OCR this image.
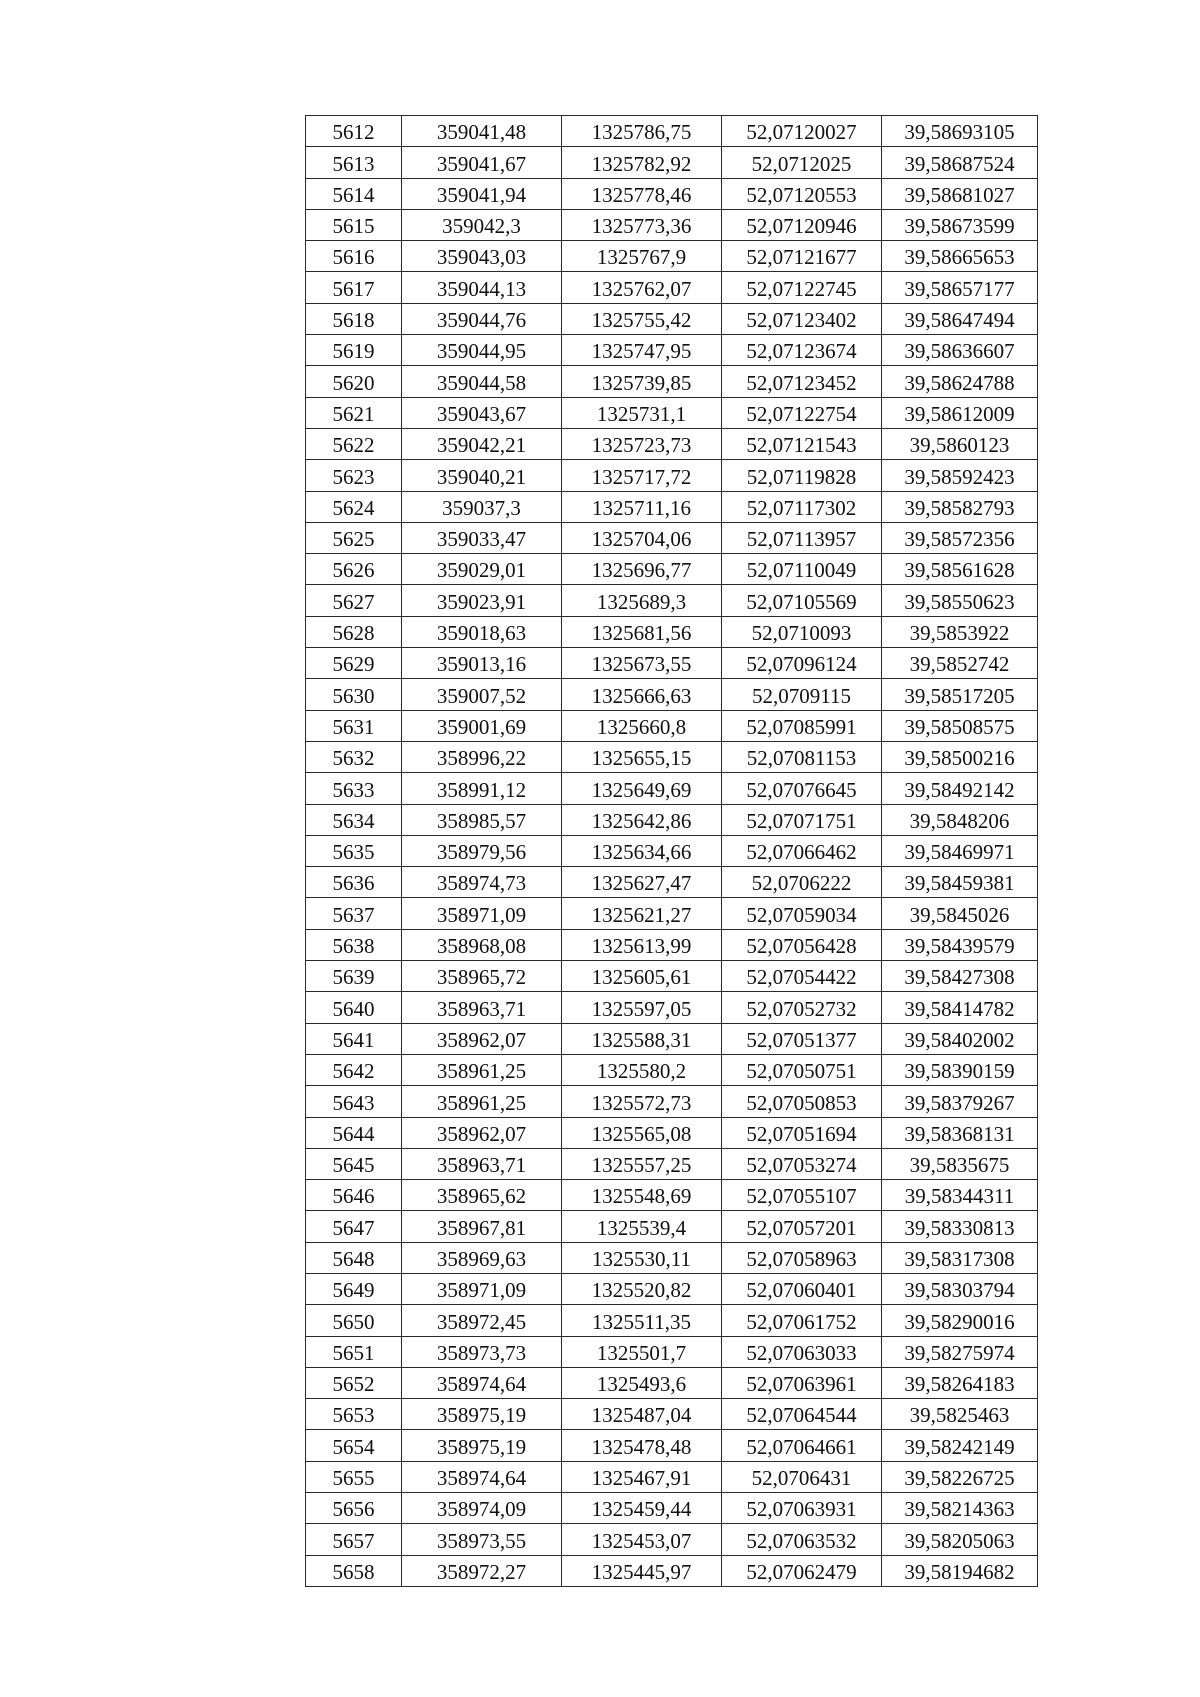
5612	359041,48	1325786,75	52,07120027	39,58693105
5613	359041,67	1325782,92	52,0712025	39,58687524
5614	359041,94	1325778,46	52,07120553	39,58681027
5615	359042,3	1325773,36	52,07120946	39,58673599
5616	359043,03	1325767,9	52,07121677	39,58665653
5617	359044,13	1325762,07	52,07122745	39,58657177
5618	359044,76	1325755,42	52,07123402	39,58647494
5619	359044,95	1325747,95	52,07123674	39,58636607
5620	359044,58	1325739,85	52,07123452	39,58624788
5621	359043,67	1325731,1	52,07122754	39,58612009
5622	359042,21	1325723,73	52,07121543	39,5860123
5623	359040,21	1325717,72	52,07119828	39,58592423
5624	359037,3	1325711,16	52,07117302	39,58582793
5625	359033,47	1325704,06	52,07113957	39,58572356
5626	359029,01	1325696,77	52,07110049	39,58561628
5627	359023,91	1325689,3	52,07105569	39,58550623
5628	359018,63	1325681,56	52,0710093	39,5853922
5629	359013,16	1325673,55	52,07096124	39,5852742
5630	359007,52	1325666,63	52,0709115	39,58517205
5631	359001,69	1325660,8	52,07085991	39,58508575
5632	358996,22	1325655,15	52,07081153	39,58500216
5633	358991,12	1325649,69	52,07076645	39,58492142
5634	358985,57	1325642,86	52,07071751	39,5848206
5635	358979,56	1325634,66	52,07066462	39,58469971
5636	358974,73	1325627,47	52,0706222	39,58459381
5637	358971,09	1325621,27	52,07059034	39,5845026
5638	358968,08	1325613,99	52,07056428	39,58439579
5639	358965,72	1325605,61	52,07054422	39,58427308
5640	358963,71	1325597,05	52,07052732	39,58414782
5641	358962,07	1325588,31	52,07051377	39,58402002
5642	358961,25	1325580,2	52,07050751	39,58390159
5643	358961,25	1325572,73	52,07050853	39,58379267
5644	358962,07	1325565,08	52,07051694	39,58368131
5645	358963,71	1325557,25	52,07053274	39,5835675
5646	358965,62	1325548,69	52,07055107	39,58344311
5647	358967,81	1325539,4	52,07057201	39,58330813
5648	358969,63	1325530,11	52,07058963	39,58317308
5649	358971,09	1325520,82	52,07060401	39,58303794
5650	358972,45	1325511,35	52,07061752	39,58290016
5651	358973,73	1325501,7	52,07063033	39,58275974
5652	358974,64	1325493,6	52,07063961	39,58264183
5653	358975,19	1325487,04	52,07064544	39,5825463
5654	358975,19	1325478,48	52,07064661	39,58242149
5655	358974,64	1325467,91	52,0706431	39,58226725
5656	358974,09	1325459,44	52,07063931	39,58214363
5657	358973,55	1325453,07	52,07063532	39,58205063
5658	358972,27	1325445,97	52,07062479	39,58194682
